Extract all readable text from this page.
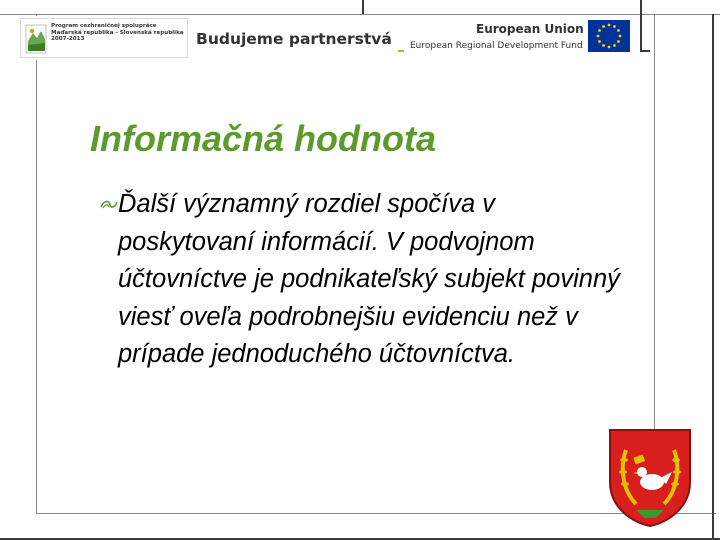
Program cezhraničnej spolupráce
Maďarská republika - Slovenská republika
2007-2013	Budujeme partnerstvá
European Union
European Regional Development Fund
Informačná hodnota

Ďalší významný rozdiel spočíva v poskytovaní informácií. V podvojnom účtovníctve je podnikateľský subjekt povinný viesť oveľa podrobnejšiu evidenciu než v prípade jednoduchého účtovníctva.
